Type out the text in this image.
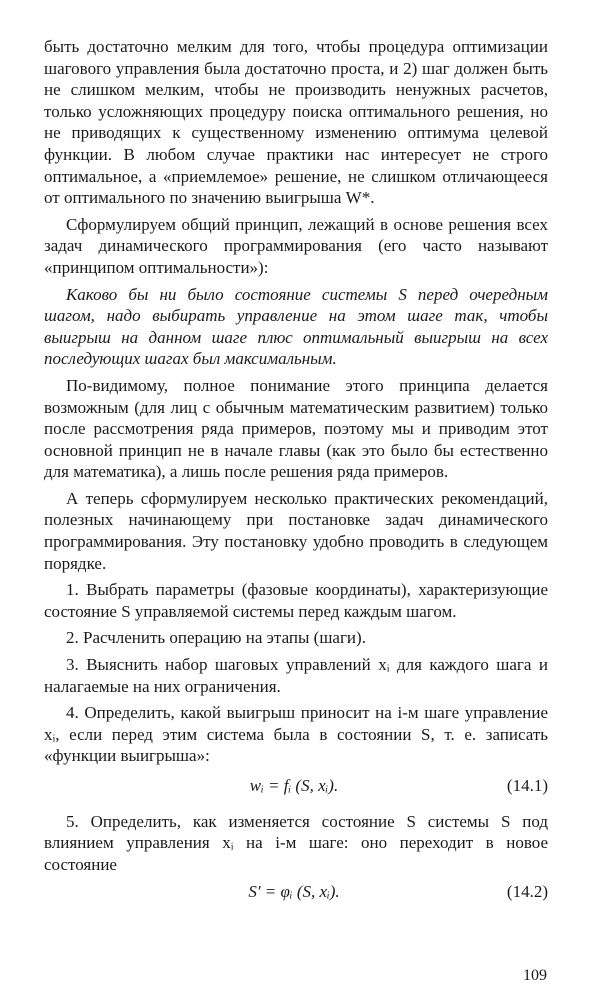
быть достаточно мелким для того, чтобы процедура оптимизации шагового управления была достаточно проста, и 2) шаг должен быть не слишком мелким, чтобы не производить ненужных расчетов, только усложняющих процедуру поиска оптимального решения, но не приводящих к существенному изменению оптимума целевой функции. В любом случае практики нас интересует не строго оптимальное, а «приемлемое» решение, не слишком отличающееся от оптимального по значению выигрыша W*.

Сформулируем общий принцип, лежащий в основе решения всех задач динамического программирования (его часто называют «принципом оптимальности»):

Каково бы ни было состояние системы S перед очередным шагом, надо выбирать управление на этом шаге так, чтобы выигрыш на данном шаге плюс оптимальный выигрыш на всех последующих шагах был максимальным.

По-видимому, полное понимание этого принципа делается возможным (для лиц с обычным математическим развитием) только после рассмотрения ряда примеров, поэтому мы и приводим этот основной принцип не в начале главы (как это было бы естественно для математика), а лишь после решения ряда примеров.

А теперь сформулируем несколько практических рекомендаций, полезных начинающему при постановке задач динамического программирования. Эту постановку удобно проводить в следующем порядке.

1. Выбрать параметры (фазовые координаты), характеризующие состояние S управляемой системы перед каждым шагом.

2. Расчленить операцию на этапы (шаги).

3. Выяснить набор шаговых управлений xᵢ для каждого шага и налагаемые на них ограничения.

4. Определить, какой выигрыш приносит на i-м шаге управление xᵢ, если перед этим система была в состоянии S, т. е. записать «функции выигрыша»:

wᵢ = fᵢ (S, xᵢ).	(14.1)

5. Определить, как изменяется состояние S системы S под влиянием управления xᵢ на i-м шаге: оно переходит в новое состояние

S′ = φᵢ (S, xᵢ).	(14.2)
109
